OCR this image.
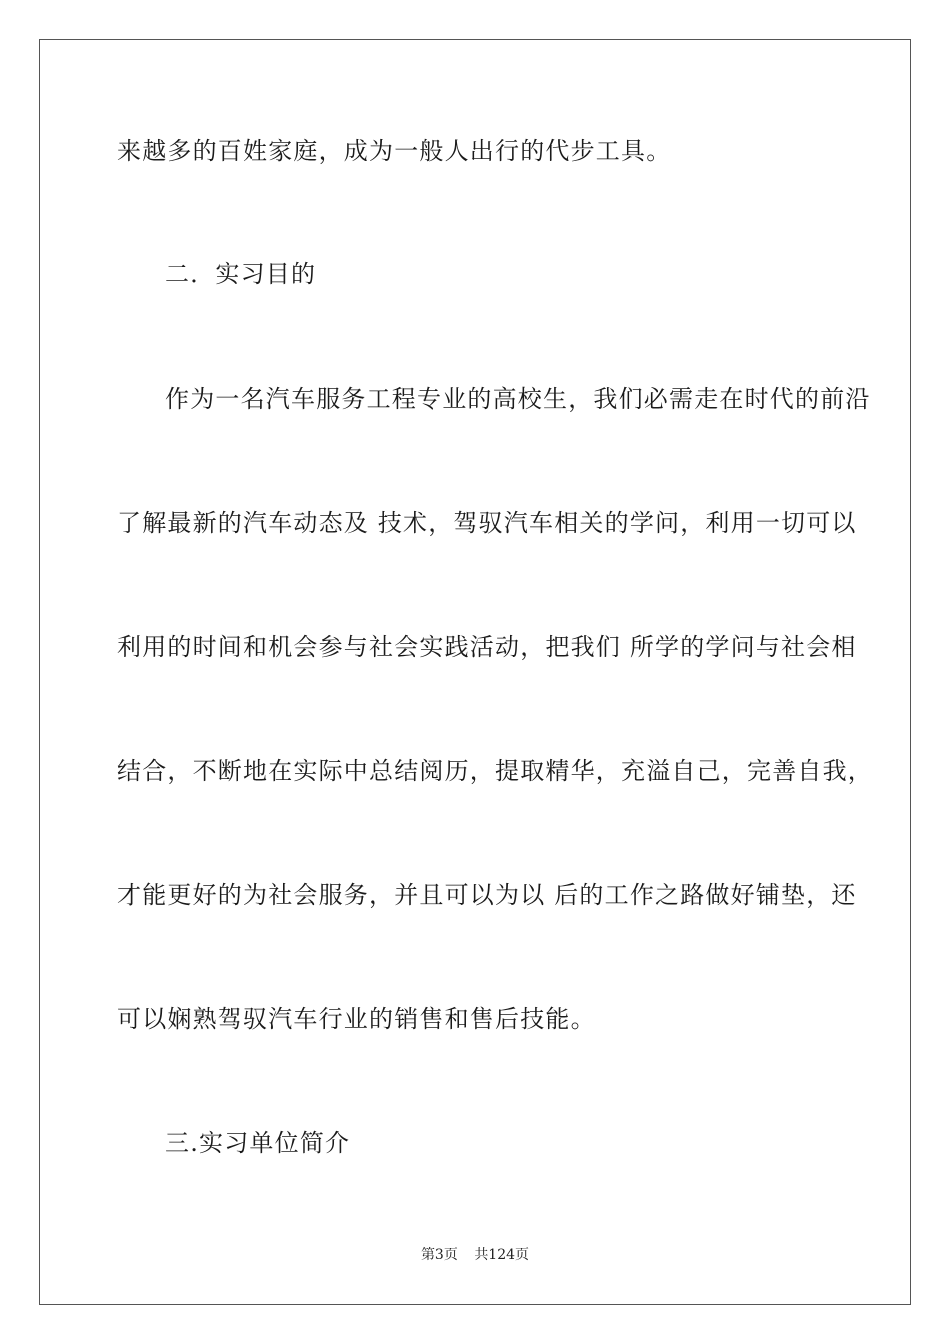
来越多的百姓家庭，成为一般人出行的代步工具。
二．实习目的
作为一名汽车服务工程专业的高校生，我们必需走在时代的前沿
了解最新的汽车动态及 技术，驾驭汽车相关的学问，利用一切可以
利用的时间和机会参与社会实践活动，把我们 所学的学问与社会相
结合，不断地在实际中总结阅历，提取精华，充溢自己，完善自我，
才能更好的为社会服务，并且可以为以 后的工作之路做好铺垫，还
可以娴熟驾驭汽车行业的销售和售后技能。
三.实习单位简介
第3页 共124页
